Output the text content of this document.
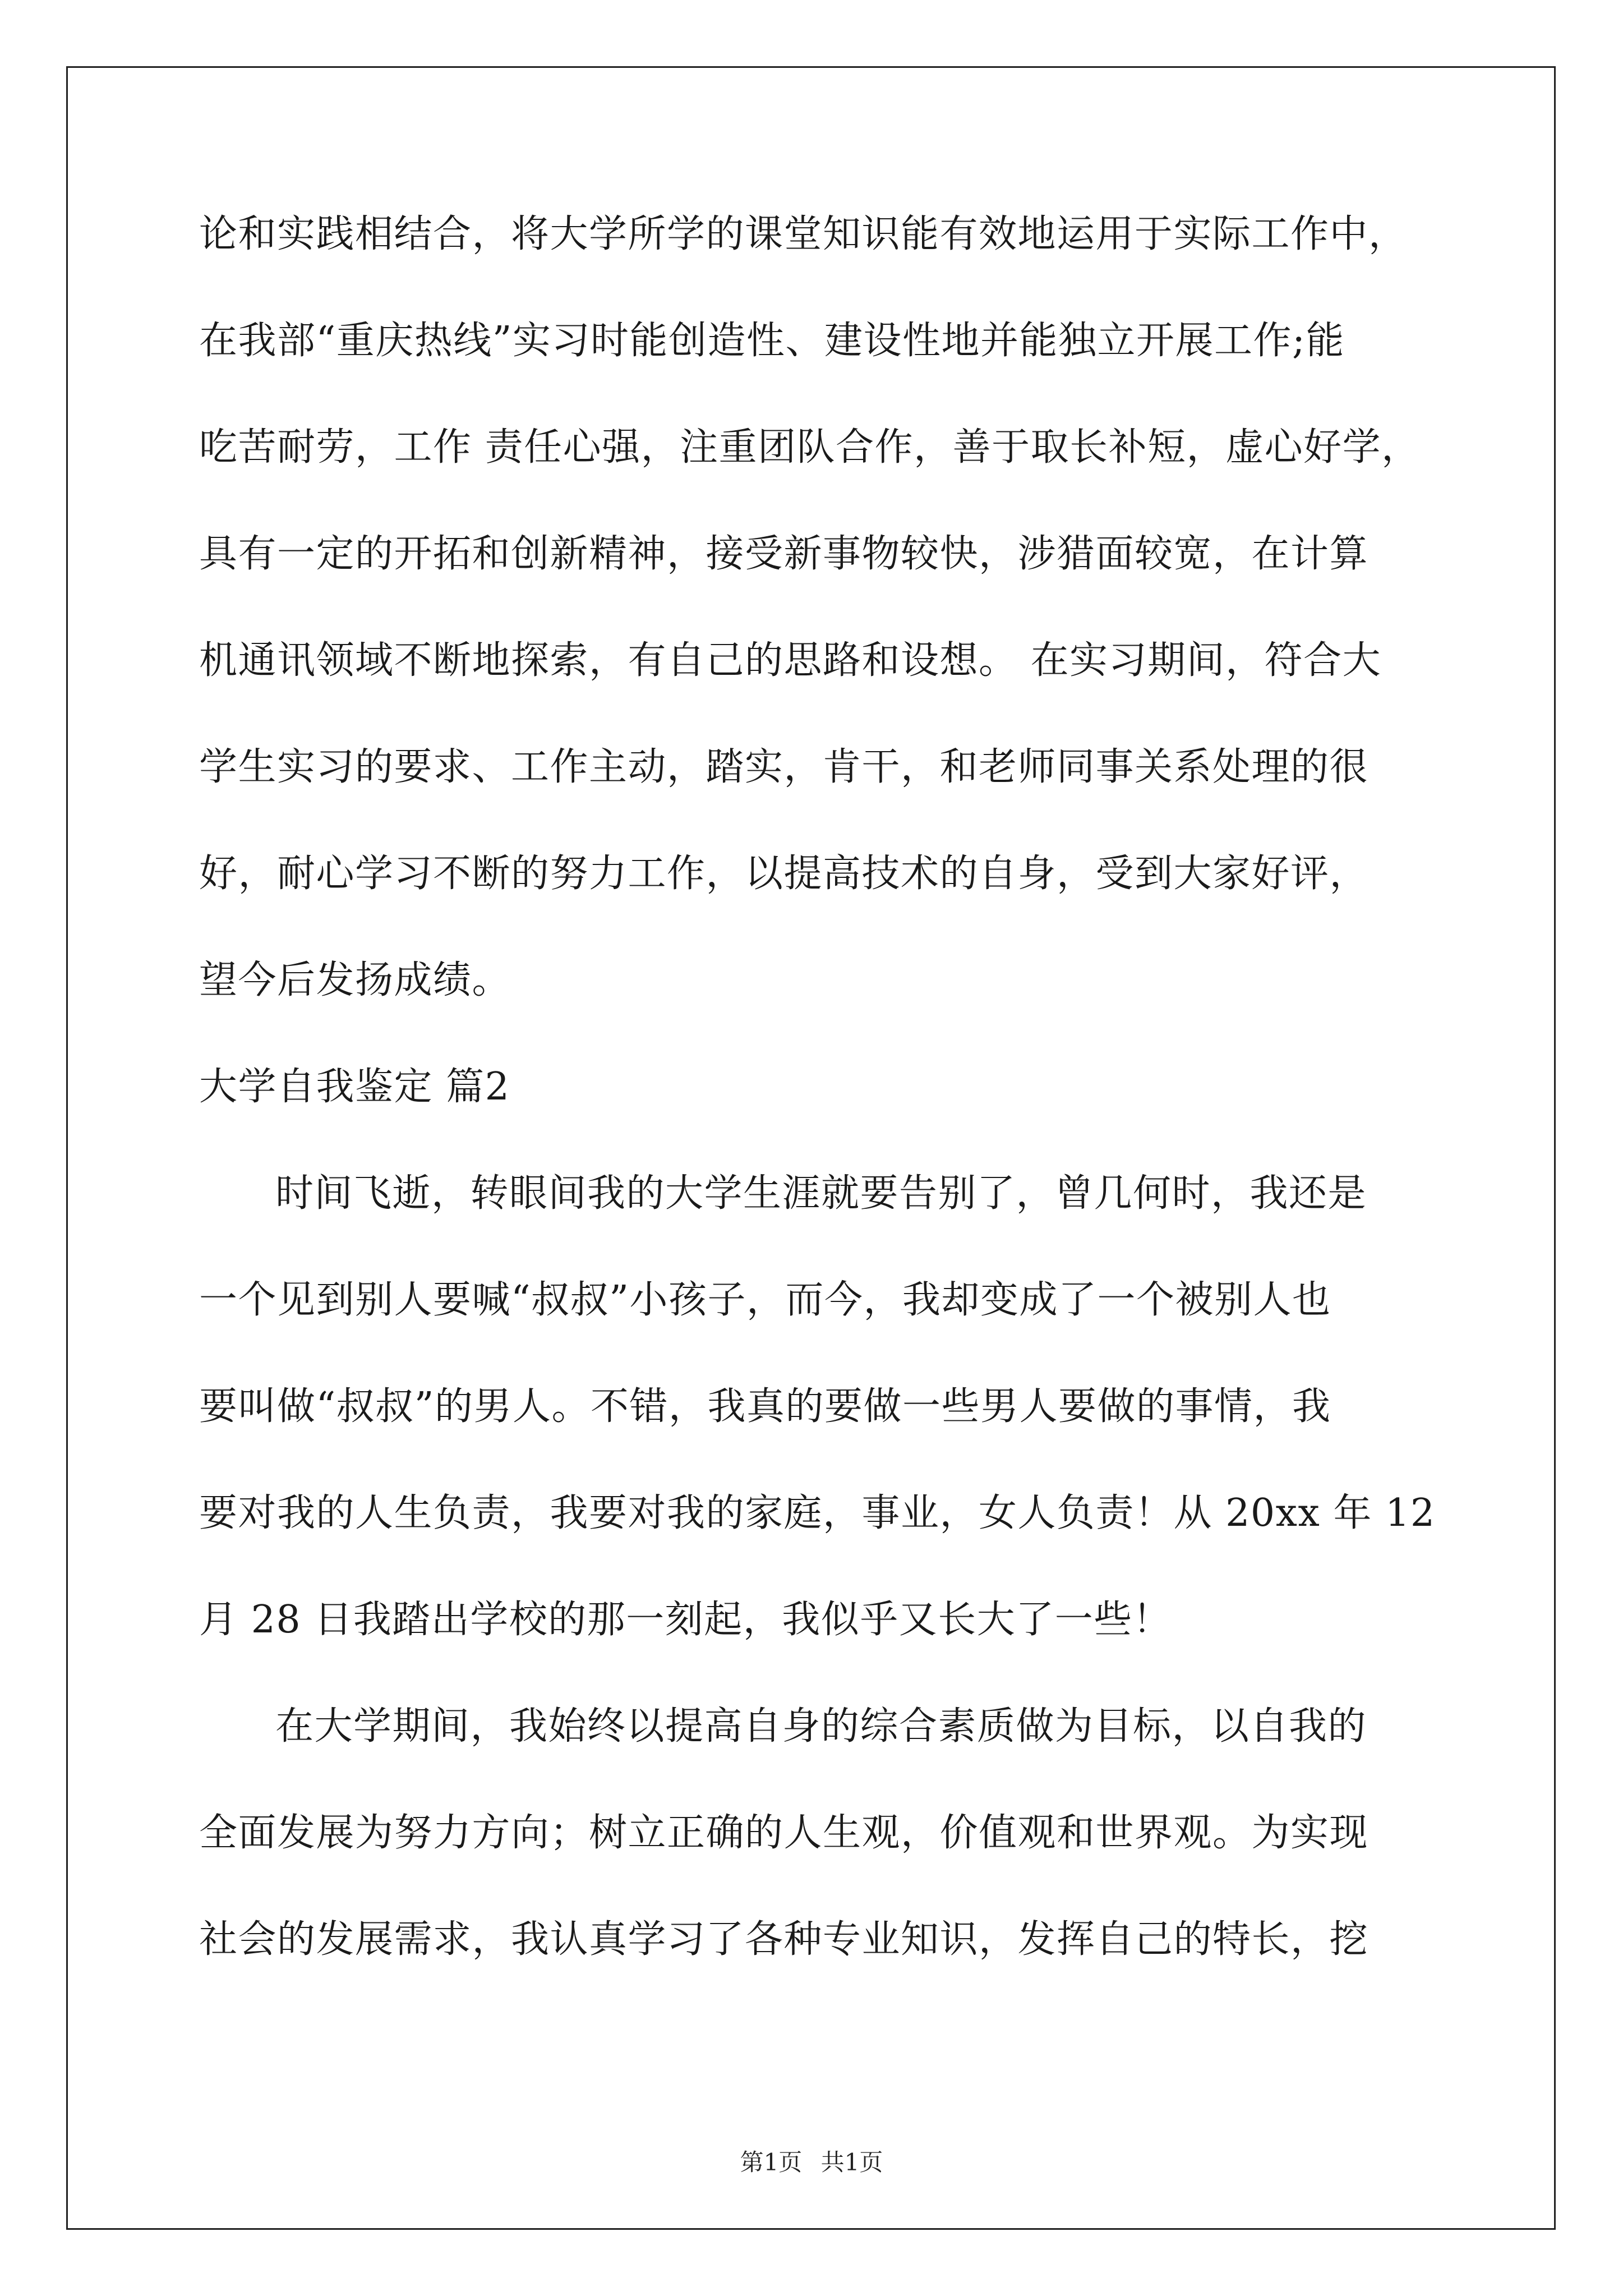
论和实践相结合，将大学所学的课堂知识能有效地运用于实际工作中，
在我部“重庆热线”实习时能创造性、建设性地并能独立开展工作;能
吃苦耐劳，工作 责任心强，注重团队合作，善于取长补短，虚心好学，
具有一定的开拓和创新精神，接受新事物较快，涉猎面较宽，在计算
机通讯领域不断地探索，有自己的思路和设想。 在实习期间，符合大
学生实习的要求、工作主动，踏实，肯干，和老师同事关系处理的很
好，耐心学习不断的努力工作，以提高技术的自身，受到大家好评，
望今后发扬成绩。
大学自我鉴定 篇2
时间飞逝，转眼间我的大学生涯就要告别了，曾几何时，我还是
一个见到别人要喊“叔叔”小孩子，而今，我却变成了一个被别人也
要叫做“叔叔”的男人。不错，我真的要做一些男人要做的事情，我
要对我的人生负责，我要对我的家庭，事业，女人负责！从 20xx 年 12
月 28 日我踏出学校的那一刻起，我似乎又长大了一些！
在大学期间，我始终以提高自身的综合素质做为目标，以自我的
全面发展为努力方向；树立正确的人生观，价值观和世界观。为实现
社会的发展需求，我认真学习了各种专业知识，发挥自己的特长，挖
第1页 共1页
